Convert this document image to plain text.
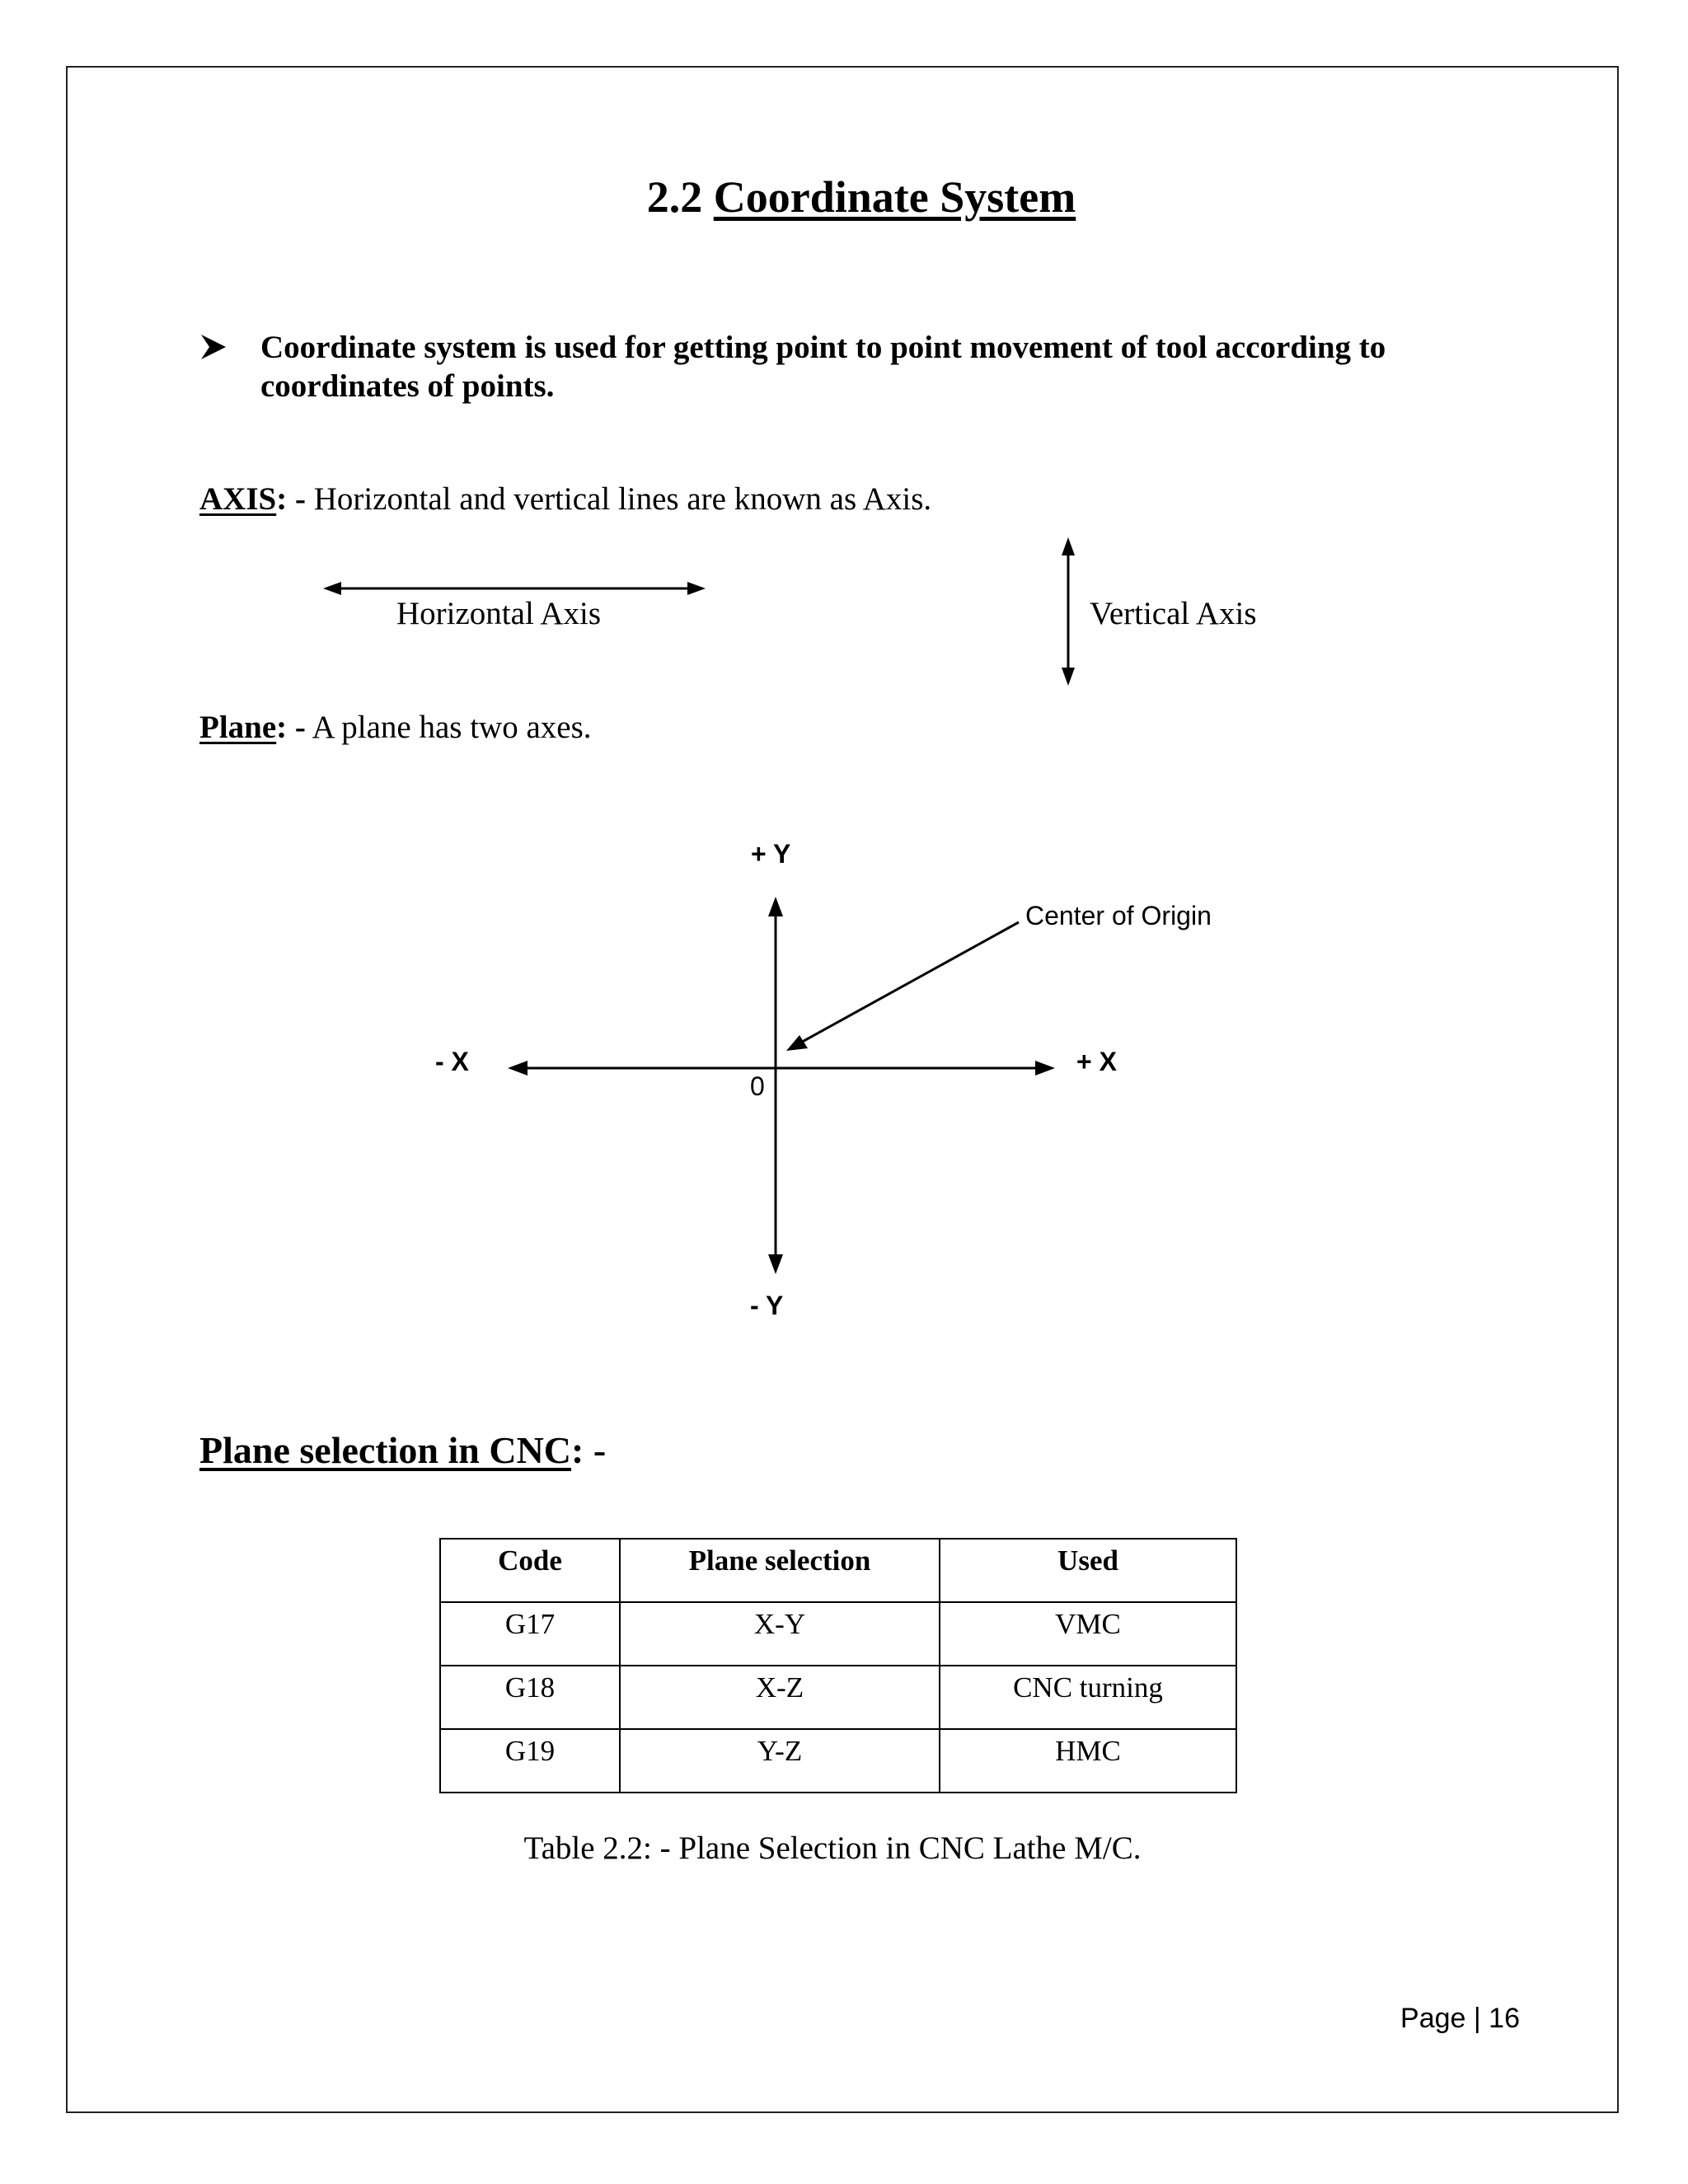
2.2 Coordinate System
Coordinate system is used for getting point to point movement of tool according to coordinates of points.
AXIS: - Horizontal and vertical lines are known as Axis.
Horizontal Axis	Vertical Axis
Plane: - A plane has two axes.
+ Y
- Y
- X	+ X
0
Center of Origin
Plane selection in CNC: -
Code	Plane selection	Used
G17	X-Y	VMC
G18	X-Z	CNC turning
G19	Y-Z	HMC
Table 2.2: - Plane Selection in CNC Lathe M/C.
Page | 16
